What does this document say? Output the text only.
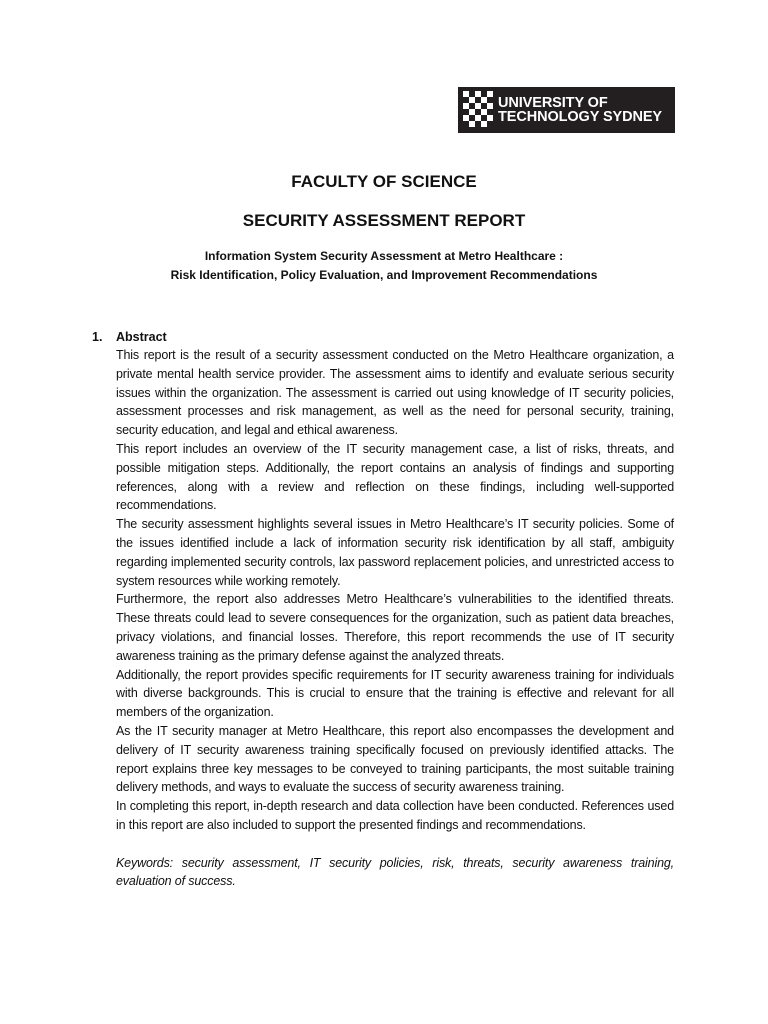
UNIVERSITY OF
TECHNOLOGY SYDNEY
FACULTY OF SCIENCE
SECURITY ASSESSMENT REPORT
Information System Security Assessment at Metro Healthcare :
Risk Identification, Policy Evaluation, and Improvement Recommendations
1. Abstract

This report is the result of a security assessment conducted on the Metro Healthcare organization, a private mental health service provider. The assessment aims to identify and evaluate serious security issues within the organization. The assessment is carried out using knowledge of IT security policies, assessment processes and risk management, as well as the need for personal security, training, security education, and legal and ethical awareness.

This report includes an overview of the IT security management case, a list of risks, threats, and possible mitigation steps. Additionally, the report contains an analysis of findings and supporting references, along with a review and reflection on these findings, including well-supported recommendations.

The security assessment highlights several issues in Metro Healthcare’s IT security policies. Some of the issues identified include a lack of information security risk identification by all staff, ambiguity regarding implemented security controls, lax password replacement policies, and unrestricted access to system resources while working remotely.

Furthermore, the report also addresses Metro Healthcare’s vulnerabilities to the identified threats. These threats could lead to severe consequences for the organization, such as patient data breaches, privacy violations, and financial losses. Therefore, this report recommends the use of IT security awareness training as the primary defense against the analyzed threats.

Additionally, the report provides specific requirements for IT security awareness training for individuals with diverse backgrounds. This is crucial to ensure that the training is effective and relevant for all members of the organization.

As the IT security manager at Metro Healthcare, this report also encompasses the development and delivery of IT security awareness training specifically focused on previously identified attacks. The report explains three key messages to be conveyed to training participants, the most suitable training delivery methods, and ways to evaluate the success of security awareness training.

In completing this report, in-depth research and data collection have been conducted. References used in this report are also included to support the presented findings and recommendations.

Keywords: security assessment, IT security policies, risk, threats, security awareness training, evaluation of success.
